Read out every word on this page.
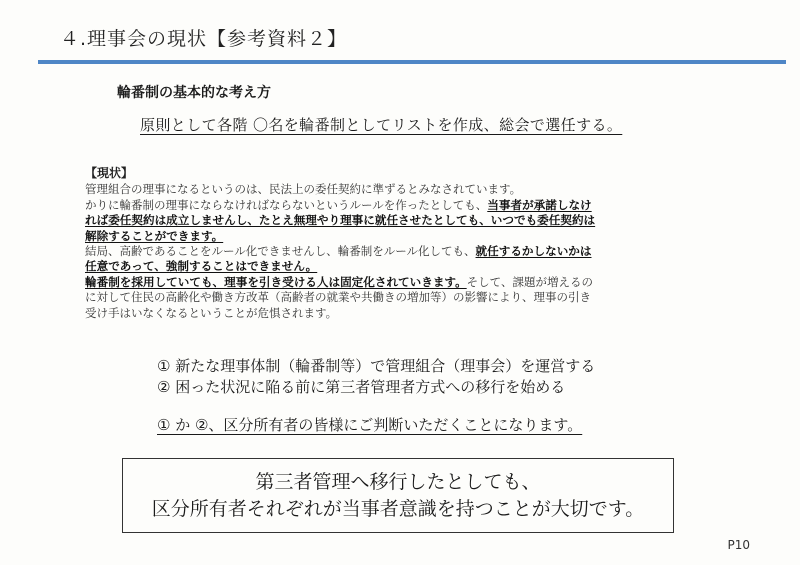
４.理事会の現状【参考資料２】
輪番制の基本的な考え方
原則として各階 〇名を輪番制としてリストを作成、総会で選任する。
【現状】
管理組合の理事になるというのは、民法上の委任契約に準ずるとみなされています。
かりに輪番制の理事にならなければならないというルールを作ったとしても、当事者が承諾しなけ
れば委任契約は成立しませんし、たとえ無理やり理事に就任させたとしても、いつでも委任契約は
解除することができます。
結局、高齢であることをルール化できませんし、輪番制をルール化しても、就任するかしないかは
任意であって、強制することはできません。
輪番制を採用していても、理事を引き受ける人は固定化されていきます。そして、課題が増えるの
に対して住民の高齢化や働き方改革（高齢者の就業や共働きの増加等）の影響により、理事の引き
受け手はいなくなるということが危惧されます。
① 新たな理事体制（輪番制等）で管理組合（理事会）を運営する
② 困った状況に陥る前に第三者管理者方式への移行を始める
① か ②、区分所有者の皆様にご判断いただくことになります。
第三者管理へ移行したとしても、
区分所有者それぞれが当事者意識を持つことが大切です。
P10
